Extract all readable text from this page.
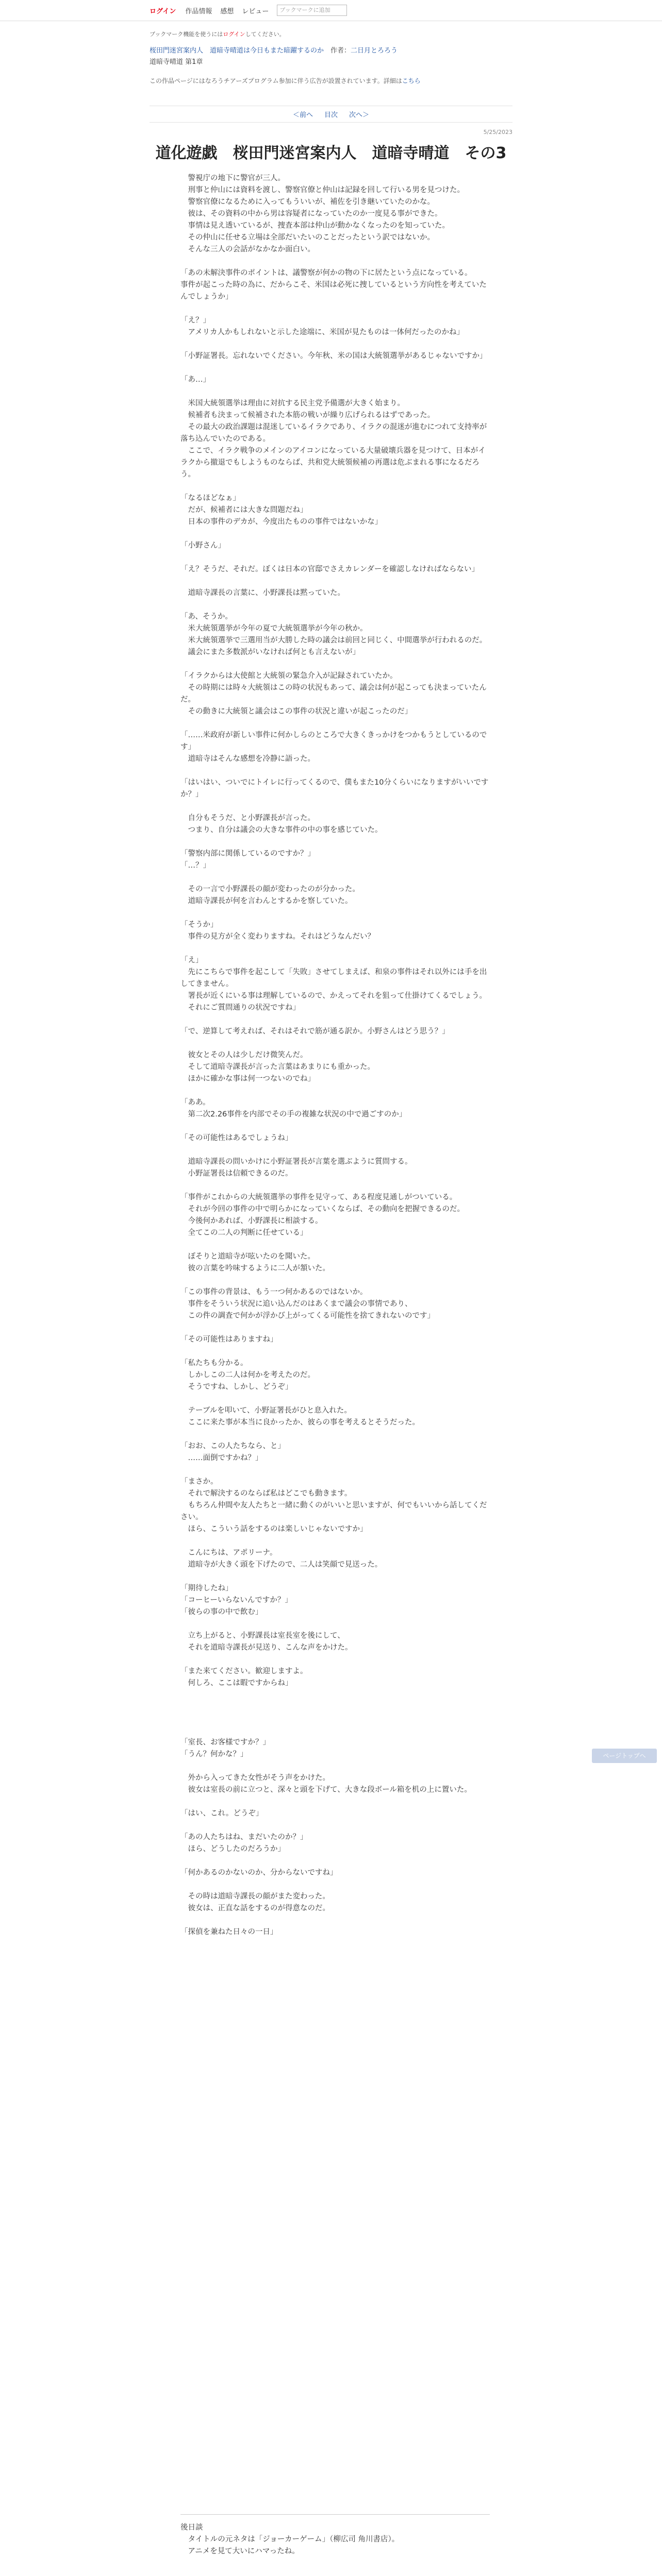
ログイン 作品情報 感想 レビュー	ブックマークに追加
ブックマーク機能を使うにはログインしてください。
桜田門迷宮案内人　道暗寺晴道は今日もまた暗躍するのか　 作者：二日月とろろう
道暗寺晴道 第1章
この作品ページにはなろうチアーズプログラム参加に伴う広告が設置されています。詳細はこちら
＜前へ 目次 次へ＞
5/25/2023
道化遊戯　桜田門迷宮案内人　道暗寺晴道　その3

　警視庁の地下に警官が三人。

　刑事と仲山には資料を渡し、警察官僚と仲山は記録を回して行いる男を見つけた。

　警察官僚になるために入ってもういいが、補佐を引き継いていたのかな。

　彼は、その資料の中から男は容疑者になっていたのか一度見る事ができた。

　事情は見え透いているが、捜査本部は仲山が動かなくなったのを知っていた。

　その仲山に任せる立場は全部だいたいのことだったという訳ではないか。

　そんな三人の会話がなかなか面白い。

「あの未解決事件のポイントは、議警察が何かの物の下に居たという点になっている。

事件が起こった時の為に、だからこそ、米国は必死に捜しているという方向性を考えていたんでしょうか」

「え？」

　アメリカ人かもしれないと示した途端に、米国が見たものは一体何だったのかね」

「小野証署長。忘れないでください。今年秋、米の国は大統領選挙があるじゃないですか」

「あ…」

　米国大統領選挙は理由に対抗する民主党予備選が大きく始まり。

　候補者も決まって候補された本筋の戦いが繰り広げられるはずであった。

　その最大の政治課題は混迷しているイラクであり、イラクの混迷が進むにつれて支持率が落ち込んでいたのである。

　ここで、イラク戦争のメインのアイコンになっている大量破壊兵器を見つけて、日本がイラクから撤退でもしようものならば、共和党大統領候補の再選は危ぶまれる事になるだろう。

「なるほどなぁ」

　だが、候補者には大きな問題だね」

　日本の事件のデカが、今度出たものの事件ではないかな」

「小野さん」

「え？そうだ、それだ。ぼくは日本の官邸でさえカレンダーを確認しなければならない」

　道暗寺課長の言葉に、小野課長は黙っていた。

「あ、そうか。

　米大統領選挙が今年の夏で大統領選挙が今年の秋か。

　米大統領選挙で三選用当が大勝した時の議会は前回と同じく、中間選挙が行われるのだ。

　議会にまた多数派がいなければ何とも言えないが」

「イラクからは大使館と大統領の緊急介入が記録されていたか。

　その時期には時々大統領はこの時の状況もあって、議会は何が起こっても決まっていたんだ。

　その動きに大統領と議会はこの事件の状況と違いが起こったのだ」

「……米政府が新しい事件に何かしらのところで大きくきっかけをつかもうとしているのです」

　道暗寺はそんな感想を冷静に語った。

「はいはい、ついでにトイレに行ってくるので、僕もまた10分くらいになりますがいいですか？」

　自分もそうだ、と小野課長が言った。

　つまり、自分は議会の大きな事件の中の事を感じていた。

「警察内部に関係しているのですか？」

「…？」

　その一言で小野課長の顔が変わったのが分かった。

　道暗寺課長が何を言わんとするかを察していた。

「そうか」

　事件の見方が全く変わりますね。それはどうなんだい？

「え」

　先にこちらで事件を起こして「失敗」させてしまえば、和泉の事件はそれ以外には手を出してきません。

　署長が近くにいる事は理解しているので、かえってそれを狙って仕掛けてくるでしょう。

　それにご質問通りの状況ですね」

「で、逆算して考えれば、それはそれで筋が通る訳か。小野さんはどう思う？」

　彼女とその人は少しだけ微笑んだ。

　そして道暗寺課長が言った言葉はあまりにも重かった。

　ほかに確かな事は何一つないのでね」

「ああ。

　第二次2.26事件を内部でその手の複雑な状況の中で過ごすのか」

「その可能性はあるでしょうね」

　道暗寺課長の問いかけに小野証署長が言葉を選ぶように質問する。

　小野証署長は信頼できるのだ。

「事件がこれからの大統領選挙の事件を見守って、ある程度見通しがついている。

　それが今回の事件の中で明らかになっていくならば、その動向を把握できるのだ。

　今後何かあれば、小野課長に相談する。

　全てこの二人の判断に任せている」

　ぼそりと道暗寺が呟いたのを聞いた。

　彼の言葉を吟味するように二人が頷いた。

「この事件の背景は、もう一つ何かあるのではないか。

　事件をそういう状況に追い込んだのはあくまで議会の事情であり、

　この件の調査で何かが浮かび上がってくる可能性を捨てきれないのです」

「その可能性はありますね」

「私たちも分かる。

　しかしこの二人は何かを考えたのだ。

　そうですね、しかし、どうぞ」

　テーブルを叩いて、小野証署長がひと息入れた。

　ここに来た事が本当に良かったか、彼らの事を考えるとそうだった。

「おお、この人たちなら、と」

　……面倒ですかね？」

「まさか。

　それで解決するのならば私はどこでも動きます。

　もちろん仲間や友人たちと一緒に動くのがいいと思いますが、何でもいいから話してください。

　ほら、こういう話をするのは楽しいじゃないですか」

　こんにちは、アポリーナ。

　道暗寺が大きく頭を下げたので、二人は笑顔で見送った。

「期待したね」

「コーヒーいらないんですか？」

「彼らの事の中で飲む」

　立ち上がると、小野課長は室長室を後にして、

　それを道暗寺課長が見送り、こんな声をかけた。

「また来てください。歓迎しますよ。

　何しろ、ここは暇ですからね」

「室長、お客様ですか？」

「うん？何かな？」

　外から入ってきた女性がそう声をかけた。

　彼女は室長の前に立つと、深々と頭を下げて、大きな段ボール箱を机の上に置いた。

「はい、これ。どうぞ」

「あの人たちはね、まだいたのか？」

　ほら、どうしたのだろうか」

「何かあるのかないのか、分からないですね」

　その時は道暗寺課長の顔がまた変わった。

　彼女は、正直な話をするのが得意なのだ。

「探偵を兼ねた日々の一日」

後日談

　タイトルの元ネタは「ジョーカーゲーム」（柳広司 角川書店）。

　アニメを見て大いにハマったね。

ページトップへ
